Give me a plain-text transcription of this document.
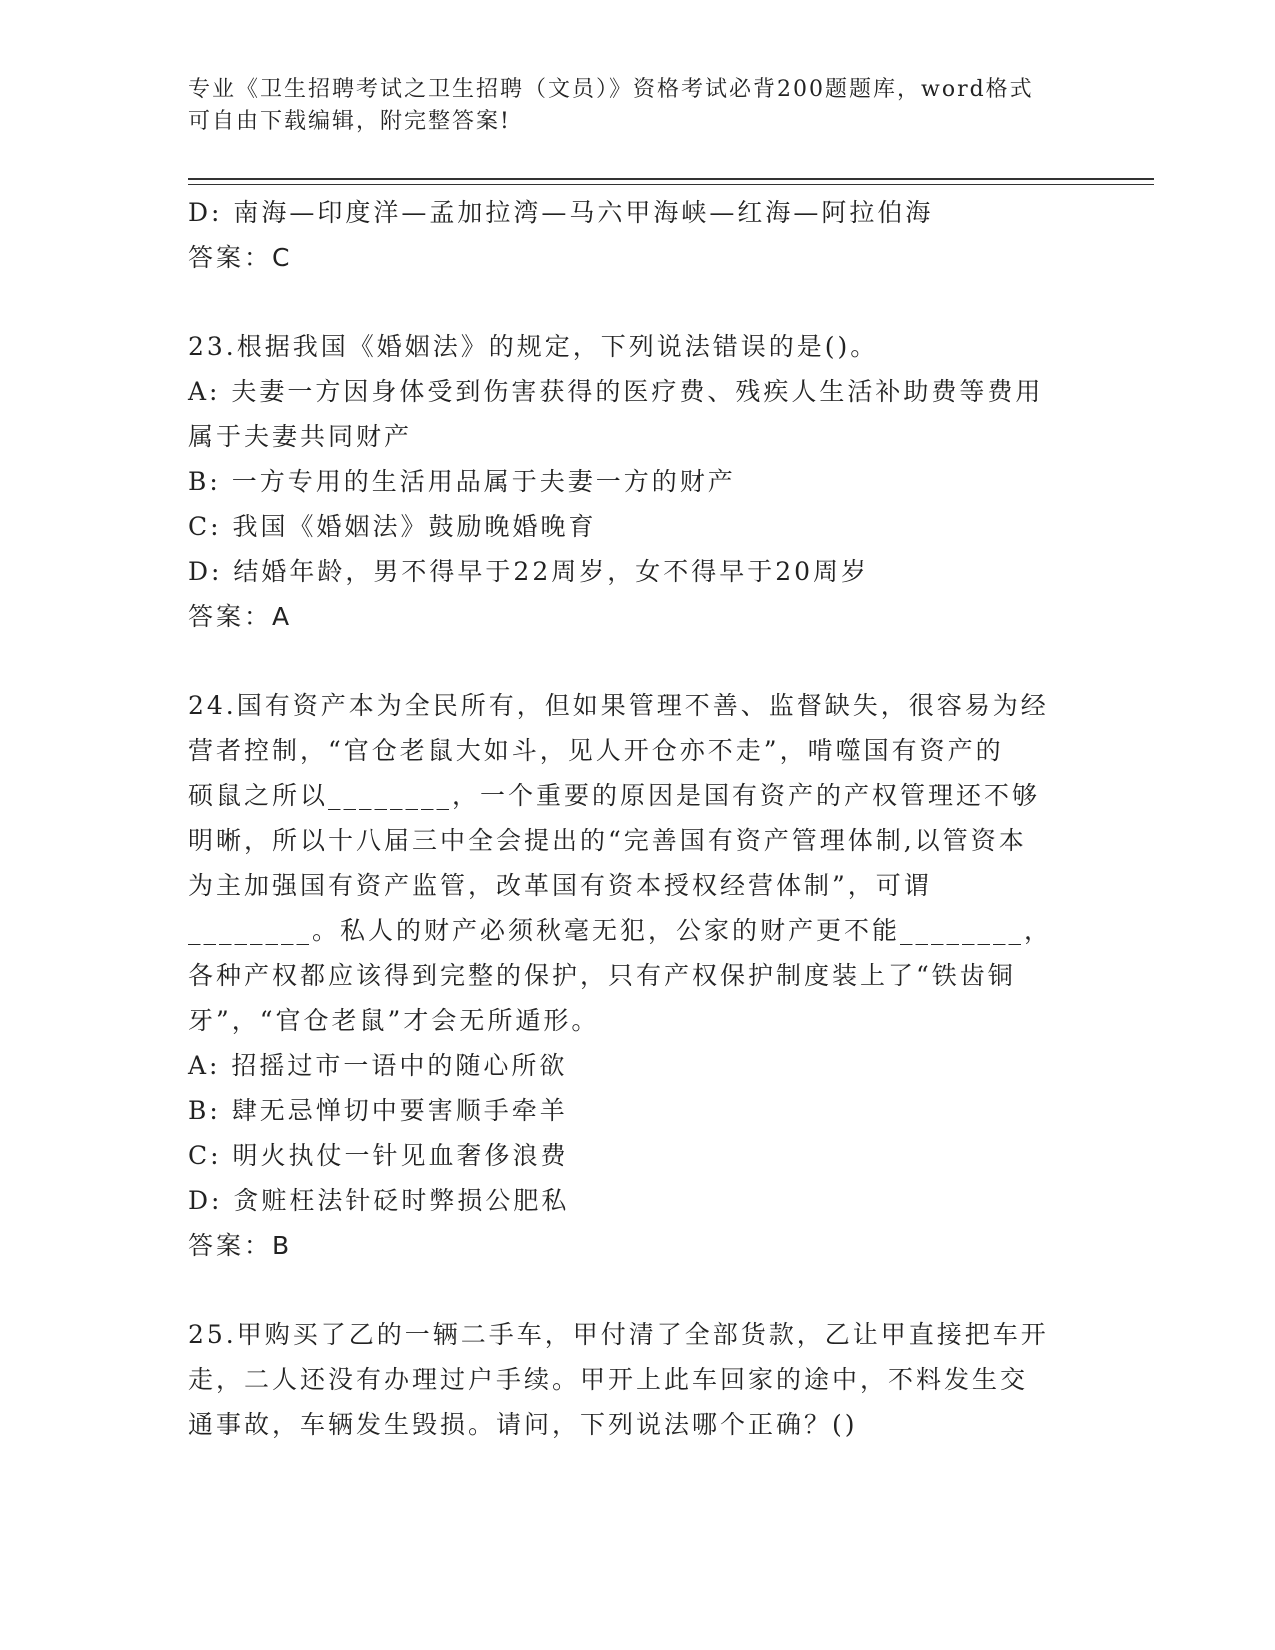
专业《卫生招聘考试之卫生招聘（文员）》资格考试必背200题题库，word格式
可自由下载编辑，附完整答案!
D: 南海—印度洋—孟加拉湾—马六甲海峡—红海—阿拉伯海
答案：C
23.根据我国《婚姻法》的规定，下列说法错误的是()。
A: 夫妻一方因身体受到伤害获得的医疗费、残疾人生活补助费等费用
属于夫妻共同财产
B: 一方专用的生活用品属于夫妻一方的财产
C: 我国《婚姻法》鼓励晚婚晚育
D: 结婚年龄，男不得早于22周岁，女不得早于20周岁
答案：A
24.国有资产本为全民所有，但如果管理不善、监督缺失，很容易为经
营者控制，“官仓老鼠大如斗，见人开仓亦不走”，啃噬国有资产的
硕鼠之所以________，一个重要的原因是国有资产的产权管理还不够
明晰，所以十八届三中全会提出的“完善国有资产管理体制,以管资本
为主加强国有资产监管，改革国有资本授权经营体制”，可谓
________。私人的财产必须秋毫无犯，公家的财产更不能________，
各种产权都应该得到完整的保护，只有产权保护制度装上了“铁齿铜
牙”，“官仓老鼠”才会无所遁形。
A: 招摇过市一语中的随心所欲
B: 肆无忌惮切中要害顺手牵羊
C: 明火执仗一针见血奢侈浪费
D: 贪赃枉法针砭时弊损公肥私
答案：B
25.甲购买了乙的一辆二手车，甲付清了全部货款，乙让甲直接把车开
走，二人还没有办理过户手续。甲开上此车回家的途中，不料发生交
通事故，车辆发生毁损。请问，下列说法哪个正确？()
